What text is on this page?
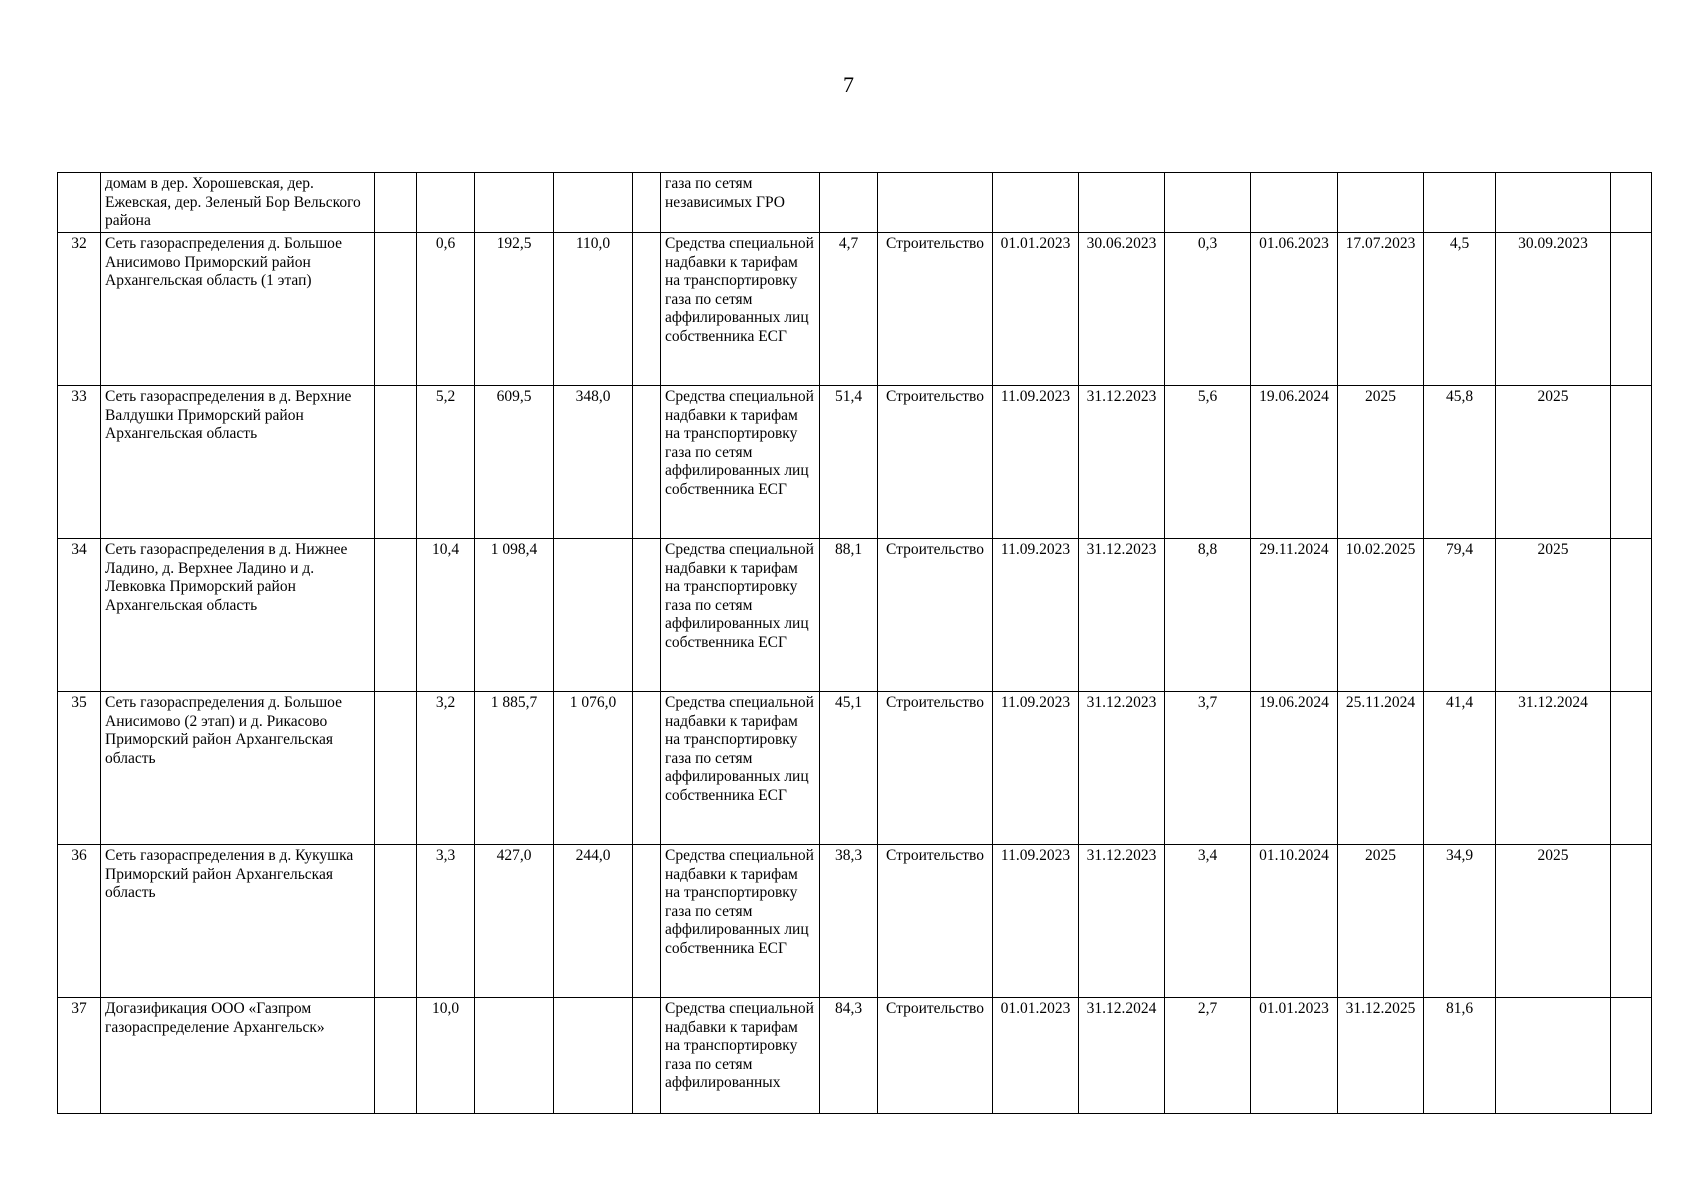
7
	домам в дер. Хорошевская, дер. Ежевская, дер. Зеленый Бор Вельского района						газа по сетям независимых ГРО										
32	Сеть газораспределения д. Большое Анисимово Приморский район Архангельская область (1 этап)		0,6	192,5	110,0		Средства специальной надбавки к тарифам на транспортировку газа по сетям аффилированных лиц собственника ЕСГ	4,7	Строительство	01.01.2023	30.06.2023	0,3	01.06.2023	17.07.2023	4,5	30.09.2023	
33	Сеть газораспределения в д. Верхние Валдушки Приморский район Архангельская область		5,2	609,5	348,0		Средства специальной надбавки к тарифам на транспортировку газа по сетям аффилированных лиц собственника ЕСГ	51,4	Строительство	11.09.2023	31.12.2023	5,6	19.06.2024	2025	45,8	2025	
34	Сеть газораспределения в д. Нижнее Ладино, д. Верхнее Ладино и д. Левковка Приморский район Архангельская область		10,4	1 098,4			Средства специальной надбавки к тарифам на транспортировку газа по сетям аффилированных лиц собственника ЕСГ	88,1	Строительство	11.09.2023	31.12.2023	8,8	29.11.2024	10.02.2025	79,4	2025	
35	Сеть газораспределения д. Большое Анисимово (2 этап) и д. Рикасово Приморский район Архангельская область		3,2	1 885,7	1 076,0		Средства специальной надбавки к тарифам на транспортировку газа по сетям аффилированных лиц собственника ЕСГ	45,1	Строительство	11.09.2023	31.12.2023	3,7	19.06.2024	25.11.2024	41,4	31.12.2024	
36	Сеть газораспределения в д. Кукушка Приморский район Архангельская область		3,3	427,0	244,0		Средства специальной надбавки к тарифам на транспортировку газа по сетям аффилированных лиц собственника ЕСГ	38,3	Строительство	11.09.2023	31.12.2023	3,4	01.10.2024	2025	34,9	2025	
37	Догазификация ООО «Газпром газораспределение Архангельск»		10,0				Средства специальной надбавки к тарифам на транспортировку газа по сетям аффилированных	84,3	Строительство	01.01.2023	31.12.2024	2,7	01.01.2023	31.12.2025	81,6		
